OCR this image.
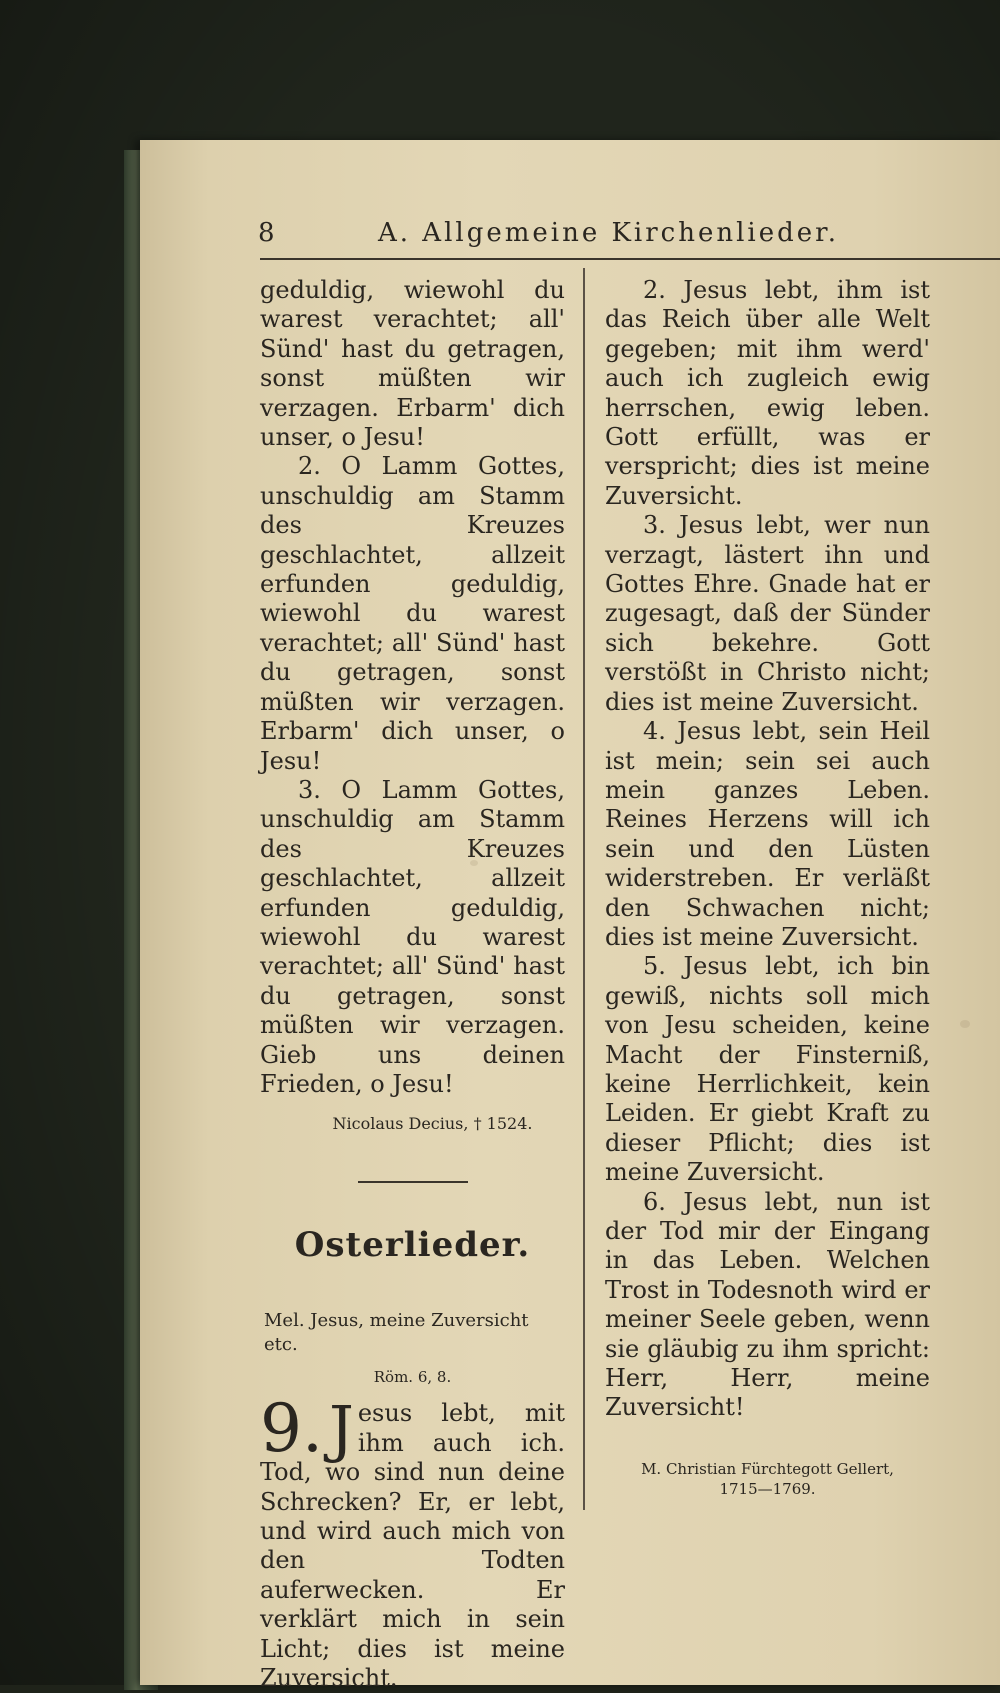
8	A. Allgemeine Kirchenlieder.

geduldig, wiewohl du warest verachtet; all' Sünd' hast du getragen, sonst müßten wir verzagen. Erbarm' dich unser, o Jesu!

2. O Lamm Gottes, unschuldig am Stamm des Kreuzes geschlachtet, allzeit erfunden geduldig, wiewohl du warest verachtet; all' Sünd' hast du getragen, sonst müßten wir verzagen. Erbarm' dich unser, o Jesu!

3. O Lamm Gottes, unschuldig am Stamm des Kreuzes geschlachtet, allzeit erfunden geduldig, wiewohl du warest verachtet; all' Sünd' hast du getragen, sonst müßten wir verzagen. Gieb uns deinen Frieden, o Jesu!

Nicolaus Decius, † 1524.

Osterlieder.

Mel. Jesus, meine Zuversicht etc.

Röm. 6, 8.

9. J esus lebt, mit ihm auch ich. Tod, wo sind nun deine Schrecken? Er, er lebt, und wird auch mich von den Todten auferwecken. Er verklärt mich in sein Licht; dies ist meine Zuversicht.

2. Jesus lebt, ihm ist das Reich über alle Welt gegeben; mit ihm werd' auch ich zugleich ewig herrschen, ewig leben. Gott erfüllt, was er verspricht; dies ist meine Zuversicht.

3. Jesus lebt, wer nun verzagt, lästert ihn und Gottes Ehre. Gnade hat er zugesagt, daß der Sünder sich bekehre. Gott verstößt in Christo nicht; dies ist meine Zuversicht.

4. Jesus lebt, sein Heil ist mein; sein sei auch mein ganzes Leben. Reines Herzens will ich sein und den Lüsten widerstreben. Er verläßt den Schwachen nicht; dies ist meine Zuversicht.

5. Jesus lebt, ich bin gewiß, nichts soll mich von Jesu scheiden, keine Macht der Finsterniß, keine Herrlichkeit, kein Leiden. Er giebt Kraft zu dieser Pflicht; dies ist meine Zuversicht.

6. Jesus lebt, nun ist der Tod mir der Eingang in das Leben. Welchen Trost in Todesnoth wird er meiner Seele geben, wenn sie gläubig zu ihm spricht: Herr, Herr, meine Zuversicht!

M. Christian Fürchtegott Gellert,
1715—1769.
